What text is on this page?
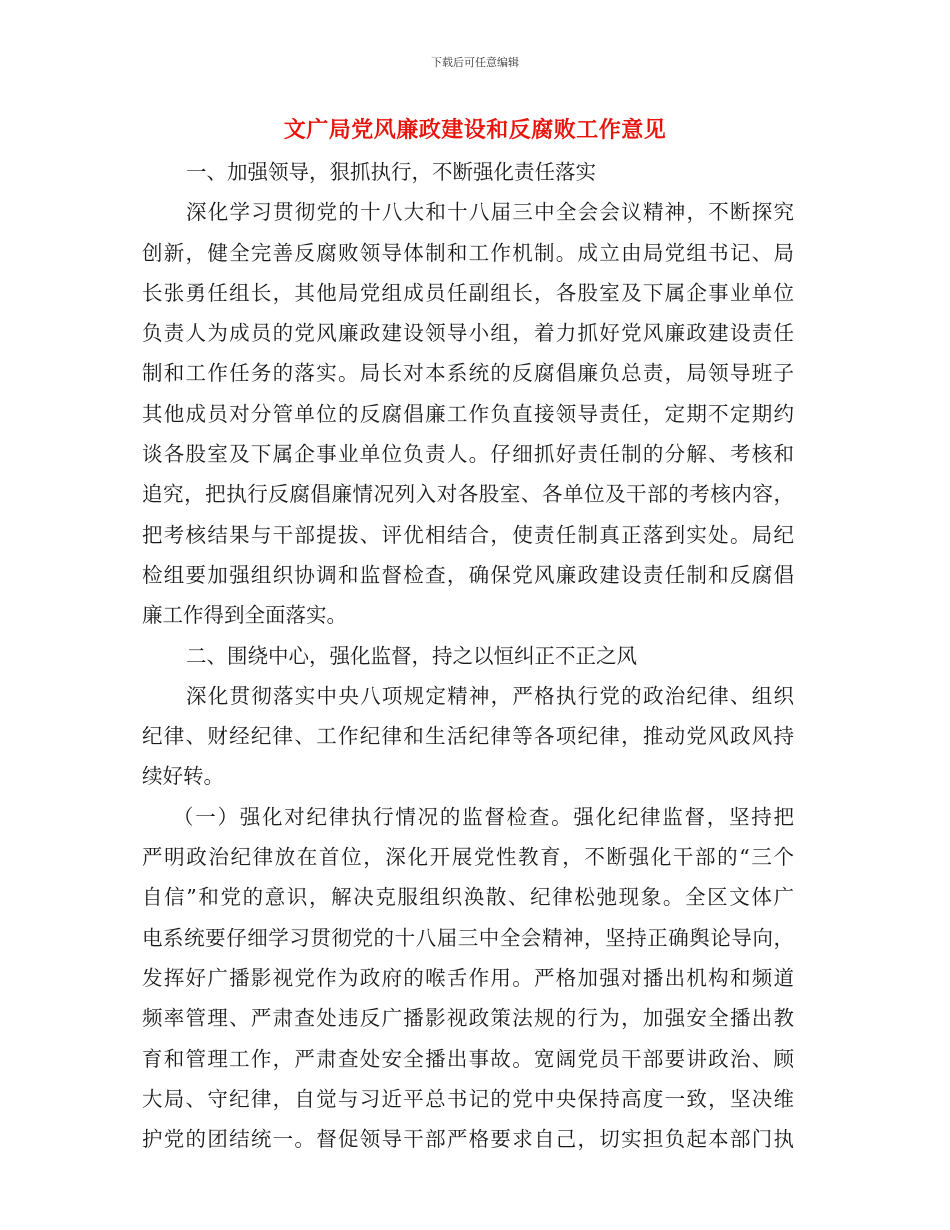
下载后可任意编辑
文广局党风廉政建设和反腐败工作意见
一、加强领导，狠抓执行，不断强化责任落实
深化学习贯彻党的十八大和十八届三中全会会议精神，不断探究
创新，健全完善反腐败领导体制和工作机制。成立由局党组书记、局
长张勇任组长，其他局党组成员任副组长，各股室及下属企事业单位
负责人为成员的党风廉政建设领导小组，着力抓好党风廉政建设责任
制和工作任务的落实。局长对本系统的反腐倡廉负总责，局领导班子
其他成员对分管单位的反腐倡廉工作负直接领导责任，定期不定期约
谈各股室及下属企事业单位负责人。仔细抓好责任制的分解、考核和
追究，把执行反腐倡廉情况列入对各股室、各单位及干部的考核内容，
把考核结果与干部提拔、评优相结合，使责任制真正落到实处。局纪
检组要加强组织协调和监督检查，确保党风廉政建设责任制和反腐倡
廉工作得到全面落实。
二、围绕中心，强化监督，持之以恒纠正不正之风
深化贯彻落实中央八项规定精神，严格执行党的政治纪律、组织
纪律、财经纪律、工作纪律和生活纪律等各项纪律，推动党风政风持
续好转。
（一）强化对纪律执行情况的监督检查。强化纪律监督，坚持把
严明政治纪律放在首位，深化开展党性教育，不断强化干部的“三个
自信”和党的意识，解决克服组织涣散、纪律松弛现象。全区文体广
电系统要仔细学习贯彻党的十八届三中全会精神，坚持正确舆论导向，
发挥好广播影视党作为政府的喉舌作用。严格加强对播出机构和频道
频率管理、严肃查处违反广播影视政策法规的行为，加强安全播出教
育和管理工作，严肃查处安全播出事故。宽阔党员干部要讲政治、顾
大局、守纪律，自觉与习近平总书记的党中央保持高度一致，坚决维
护党的团结统一。督促领导干部严格要求自己，切实担负起本部门执
